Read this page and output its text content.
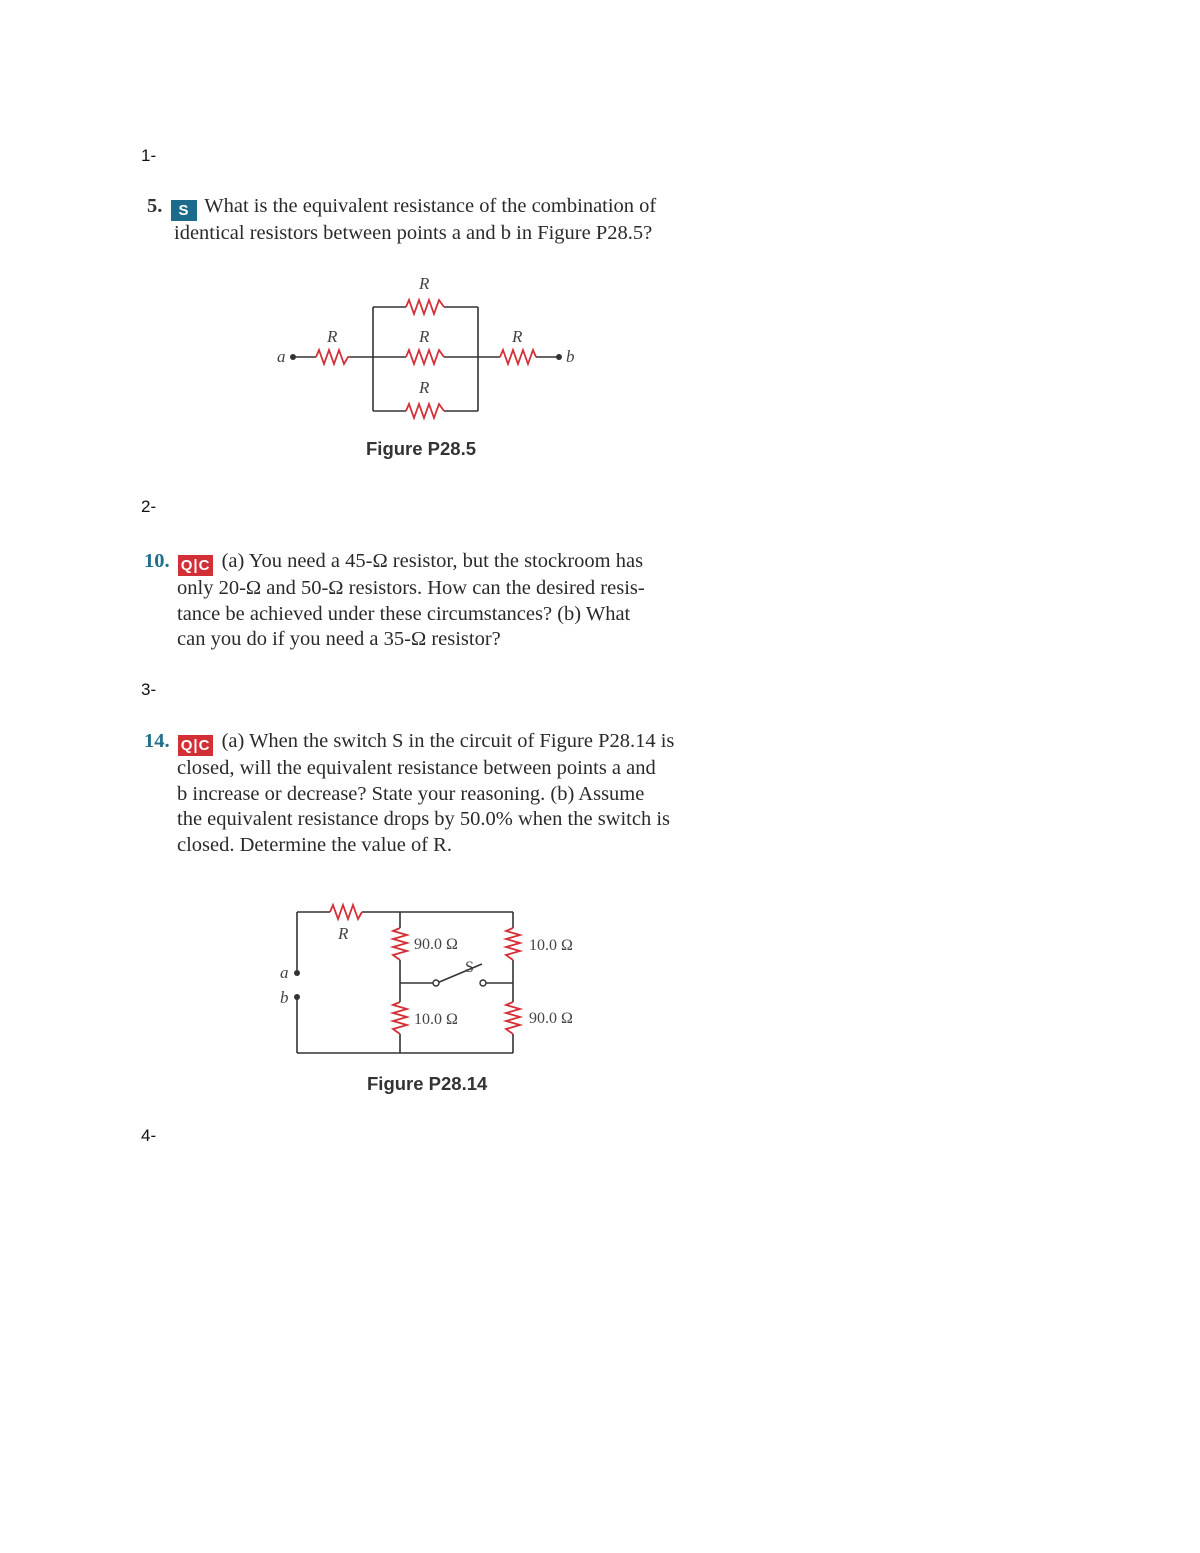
1-
2-
3-
4-
5. S What is the equivalent resistance of the combination of
identical resistors between points a and b in Figure P28.5?
a	b
R
R	R	R
R
Figure P28.5
10. Q|C (a) You need a 45-Ω resistor, but the stockroom has
only 20-Ω and 50-Ω resistors. How can the desired resis-
tance be achieved under these circumstances? (b) What
can you do if you need a 35-Ω resistor?
14. Q|C (a) When the switch S in the circuit of Figure P28.14 is
closed, will the equivalent resistance between points a and
b increase or decrease? State your reasoning. (b) Assume
the equivalent resistance drops by 50.0% when the switch is
closed. Determine the value of R.
a
b
R
90.0 Ω	10.0 Ω
10.0 Ω	90.0 Ω
S
Figure P28.14
